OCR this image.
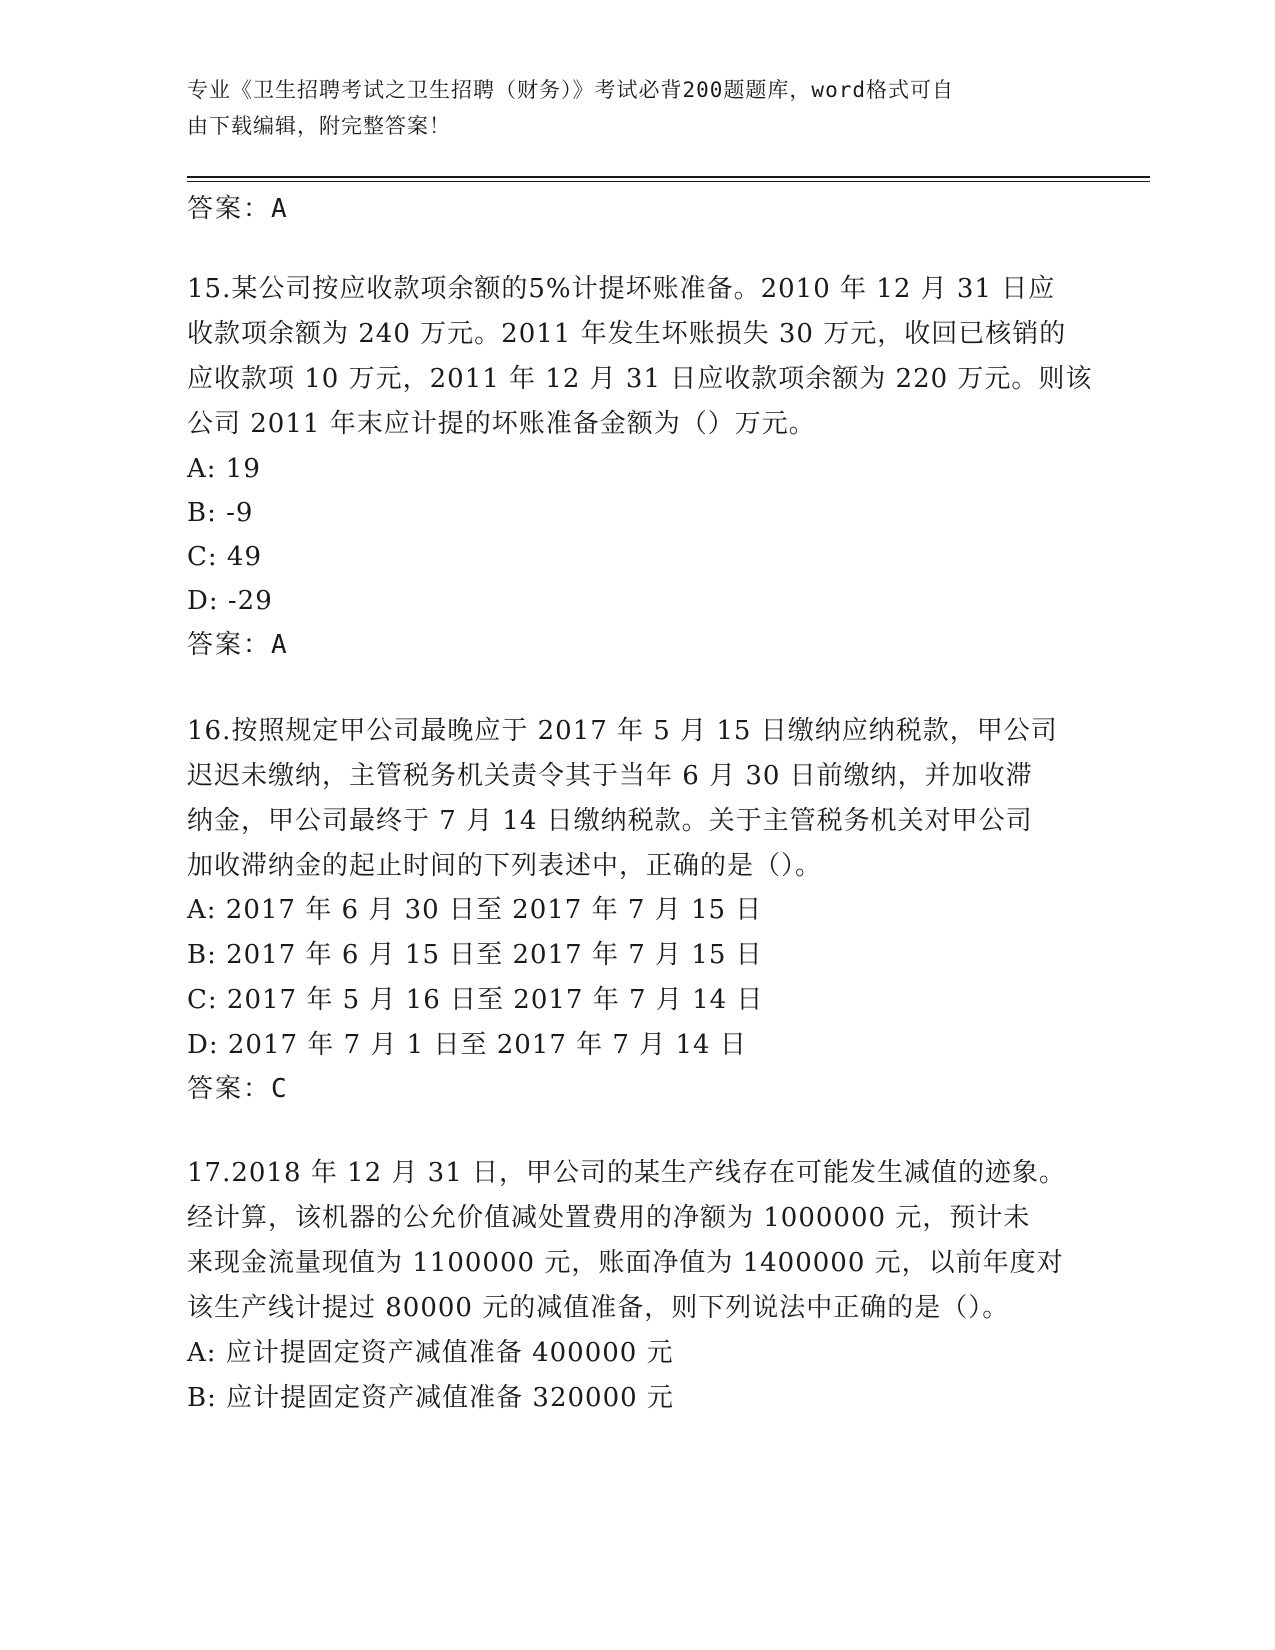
专业《卫生招聘考试之卫生招聘（财务）》考试必背200题题库，word格式可自
由下载编辑，附完整答案！
答案：A
15.某公司按应收款项余额的5%计提坏账准备。2010 年 12 月 31 日应
收款项余额为 240 万元。2011 年发生坏账损失 30 万元，收回已核销的
应收款项 10 万元，2011 年 12 月 31 日应收款项余额为 220 万元。则该
公司 2011 年末应计提的坏账准备金额为（）万元。
A: 19
B: -9
C: 49
D: -29
答案：A
16.按照规定甲公司最晚应于 2017 年 5 月 15 日缴纳应纳税款，甲公司
迟迟未缴纳，主管税务机关责令其于当年 6 月 30 日前缴纳，并加收滞
纳金，甲公司最终于 7 月 14 日缴纳税款。关于主管税务机关对甲公司
加收滞纳金的起止时间的下列表述中，正确的是（）。
A: 2017 年 6 月 30 日至 2017 年 7 月 15 日
B: 2017 年 6 月 15 日至 2017 年 7 月 15 日
C: 2017 年 5 月 16 日至 2017 年 7 月 14 日
D: 2017 年 7 月 1 日至 2017 年 7 月 14 日
答案：C
17.2018 年 12 月 31 日，甲公司的某生产线存在可能发生减值的迹象。
经计算，该机器的公允价值减处置费用的净额为 1000000 元，预计未
来现金流量现值为 1100000 元，账面净值为 1400000 元，以前年度对
该生产线计提过 80000 元的减值准备，则下列说法中正确的是（）。
A: 应计提固定资产减值准备 400000 元
B: 应计提固定资产减值准备 320000 元
